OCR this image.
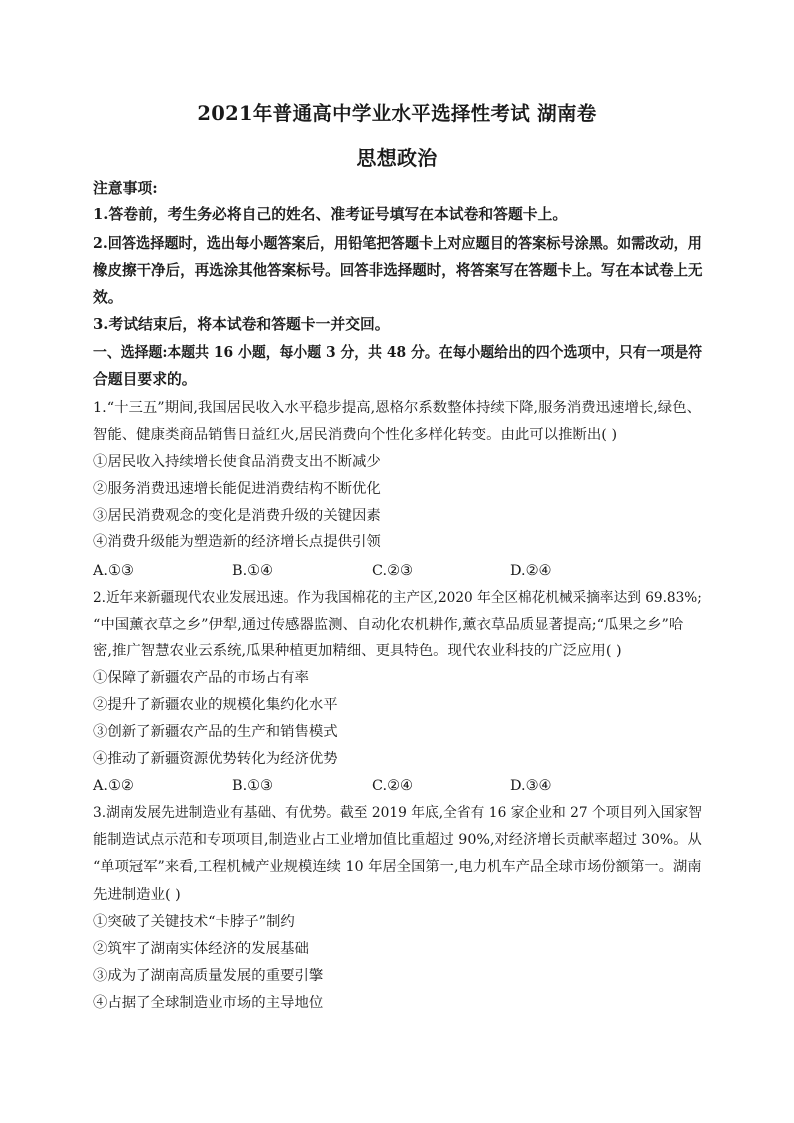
2021年普通高中学业水平选择性考试 湖南卷
思想政治
注意事项:
1.答卷前，考生务必将自己的姓名、准考证号填写在本试卷和答题卡上。
2.回答选择题时，选出每小题答案后，用铅笔把答题卡上对应题目的答案标号涂黑。如需改动，用
橡皮擦干净后，再选涂其他答案标号。回答非选择题时，将答案写在答题卡上。写在本试卷上无
效。
3.考试结束后，将本试卷和答题卡一并交回。
一、选择题:本题共 16 小题，每小题 3 分，共 48 分。在每小题给出的四个选项中，只有一项是符
合题目要求的。
1.“十三五”期间,我国居民收入水平稳步提高,恩格尔系数整体持续下降,服务消费迅速增长,绿色、
智能、健康类商品销售日益红火,居民消费向个性化多样化转变。由此可以推断出( )
①居民收入持续增长使食品消费支出不断减少
②服务消费迅速增长能促进消费结构不断优化
③居民消费观念的变化是消费升级的关键因素
④消费升级能为塑造新的经济增长点提供引领
A.①③	B.①④	C.②③	D.②④
2.近年来新疆现代农业发展迅速。作为我国棉花的主产区,2020 年全区棉花机械采摘率达到 69.83%;
“中国薰衣草之乡”伊犁,通过传感器监测、自动化农机耕作,薰衣草品质显著提高;“瓜果之乡”哈
密,推广智慧农业云系统,瓜果种植更加精细、更具特色。现代农业科技的广泛应用( )
①保障了新疆农产品的市场占有率
②提升了新疆农业的规模化集约化水平
③创新了新疆农产品的生产和销售模式
④推动了新疆资源优势转化为经济优势
A.①②	B.①③	C.②④	D.③④
3.湖南发展先进制造业有基础、有优势。截至 2019 年底,全省有 16 家企业和 27 个项目列入国家智
能制造试点示范和专项项目,制造业占工业增加值比重超过 90%,对经济增长贡献率超过 30%。从
“单项冠军”来看,工程机械产业规模连续 10 年居全国第一,电力机车产品全球市场份额第一。湖南
先进制造业( )
①突破了关键技术“卡脖子”制约
②筑牢了湖南实体经济的发展基础
③成为了湖南高质量发展的重要引擎
④占据了全球制造业市场的主导地位
